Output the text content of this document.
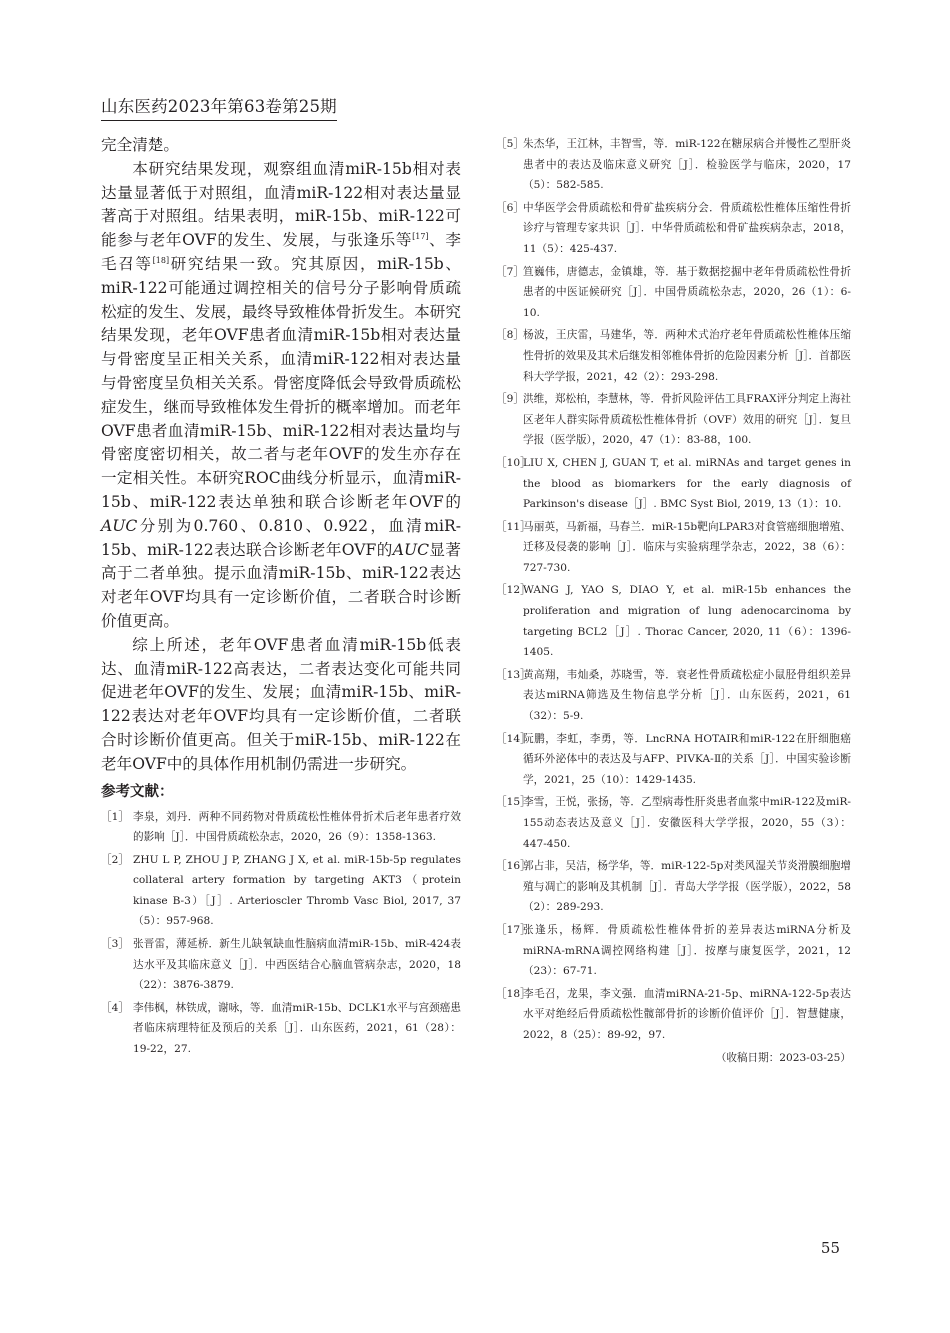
山东医药2023年第63卷第25期

完全清楚。

本研究结果发现，观察组血清miR-15b相对表达量显著低于对照组，血清miR-122相对表达量显著高于对照组。结果表明，miR-15b、miR-122可能参与老年OVF的发生、发展，与张逢乐等[17]、李毛召等[18]研究结果一致。究其原因，miR-15b、miR-122可能通过调控相关的信号分子影响骨质疏松症的发生、发展，最终导致椎体骨折发生。本研究结果发现，老年OVF患者血清miR-15b相对表达量与骨密度呈正相关关系，血清miR-122相对表达量与骨密度呈负相关关系。骨密度降低会导致骨质疏松症发生，继而导致椎体发生骨折的概率增加。而老年OVF患者血清miR-15b、miR-122相对表达量均与骨密度密切相关，故二者与老年OVF的发生亦存在一定相关性。本研究ROC曲线分析显示，血清miR-15b、miR-122表达单独和联合诊断老年OVF的AUC分别为0.760、0.810、0.922，血清miR-15b、miR-122表达联合诊断老年OVF的AUC显著高于二者单独。提示血清miR-15b、miR-122表达对老年OVF均具有一定诊断价值，二者联合时诊断价值更高。

综上所述，老年OVF患者血清miR-15b低表达、血清miR-122高表达，二者表达变化可能共同促进老年OVF的发生、发展；血清miR-15b、miR-122表达对老年OVF均具有一定诊断价值，二者联合时诊断价值更高。但关于miR-15b、miR-122在老年OVF中的具体作用机制仍需进一步研究。

参考文献：
［1］ 李泉，刘丹．两种不同药物对骨质疏松性椎体骨折术后老年患者疗效的影响［J］．中国骨质疏松杂志，2020，26（9）：1358-1363.
［2］ ZHU L P, ZHOU J P, ZHANG J X, et al. miR-15b-5p regulates collateral artery formation by targeting AKT3（protein kinase B-3）［J］. Arterioscler Thromb Vasc Biol, 2017, 37（5）：957-968.
［3］ 张晋雷，薄延桥．新生儿缺氧缺血性脑病血清miR-15b、miR-424表达水平及其临床意义［J］．中西医结合心脑血管病杂志，2020，18（22）：3876-3879.
［4］ 李伟枫，林铁成，谢咏，等．血清miR-15b、DCLK1水平与宫颈癌患者临床病理特征及预后的关系［J］．山东医药，2021，61（28）：19-22，27.
［5］ 朱杰华，王江林，丰智雪，等．miR-122在糖尿病合并慢性乙型肝炎患者中的表达及临床意义研究［J］．检验医学与临床，2020，17（5）：582-585.
［6］ 中华医学会骨质疏松和骨矿盐疾病分会．骨质疏松性椎体压缩性骨折诊疗与管理专家共识［J］．中华骨质疏松和骨矿盐疾病杂志，2018，11（5）：425-437.
［7］ 笪巍伟，唐德志，金镇雄，等．基于数据挖掘中老年骨质疏松性骨折患者的中医证候研究［J］．中国骨质疏松杂志，2020，26（1）：6-10.
［8］ 杨波，王庆雷，马建华，等．两种术式治疗老年骨质疏松性椎体压缩性骨折的效果及其术后继发相邻椎体骨折的危险因素分析［J］．首都医科大学学报，2021，42（2）：293-298.
［9］ 洪维，郑松柏，李慧林，等．骨折风险评估工具FRAX评分判定上海社区老年人群实际骨质疏松性椎体骨折（OVF）效用的研究［J］．复旦学报（医学版），2020，47（1）：83-88，100.
［10］
LIU X, CHEN J, GUAN T, et al. miRNAs and target genes in the blood as biomarkers for the early diagnosis of Parkinson's disease［J］. BMC Syst Biol, 2019, 13（1）：10.
［11］
马丽英，马新福，马春兰．miR-15b靶向LPAR3对食管癌细胞增殖、迁移及侵袭的影响［J］．临床与实验病理学杂志，2022，38（6）：727-730.
［12］
WANG J, YAO S, DIAO Y, et al. miR-15b enhances the proliferation and migration of lung adenocarcinoma by targeting BCL2［J］. Thorac Cancer, 2020, 11（6）：1396-1405.
［13］
黄高翔，韦灿桑，苏晓雪，等．衰老性骨质疏松症小鼠胫骨组织差异表达miRNA筛选及生物信息学分析［J］．山东医药，2021，61（32）：5-9.
［14］
阮鹏，李虹，李勇，等．LncRNA HOTAIR和miR-122在肝细胞癌循环外泌体中的表达及与AFP、PIVKA-Ⅱ的关系［J］．中国实验诊断学，2021，25（10）：1429-1435.
［15］
李雪，王悦，张扬，等．乙型病毒性肝炎患者血浆中miR-122及miR-155动态表达及意义［J］．安徽医科大学学报，2020，55（3）：447-450.
［16］
郭占非，吴洁，杨学华，等．miR-122-5p对类风湿关节炎滑膜细胞增殖与凋亡的影响及其机制［J］．青岛大学学报（医学版），2022，58（2）：289-293.
［17］
张逢乐，杨辉．骨质疏松性椎体骨折的差异表达miRNA分析及miRNA-mRNA调控网络构建［J］．按摩与康复医学，2021，12（23）：67-71.
［18］
李毛召，龙果，李文强．血清miRNA-21-5p、miRNA-122-5p表达水平对绝经后骨质疏松性髋部骨折的诊断价值评价［J］．智慧健康，2022，8（25）：89-92，97.
（收稿日期：2023-03-25）
55
